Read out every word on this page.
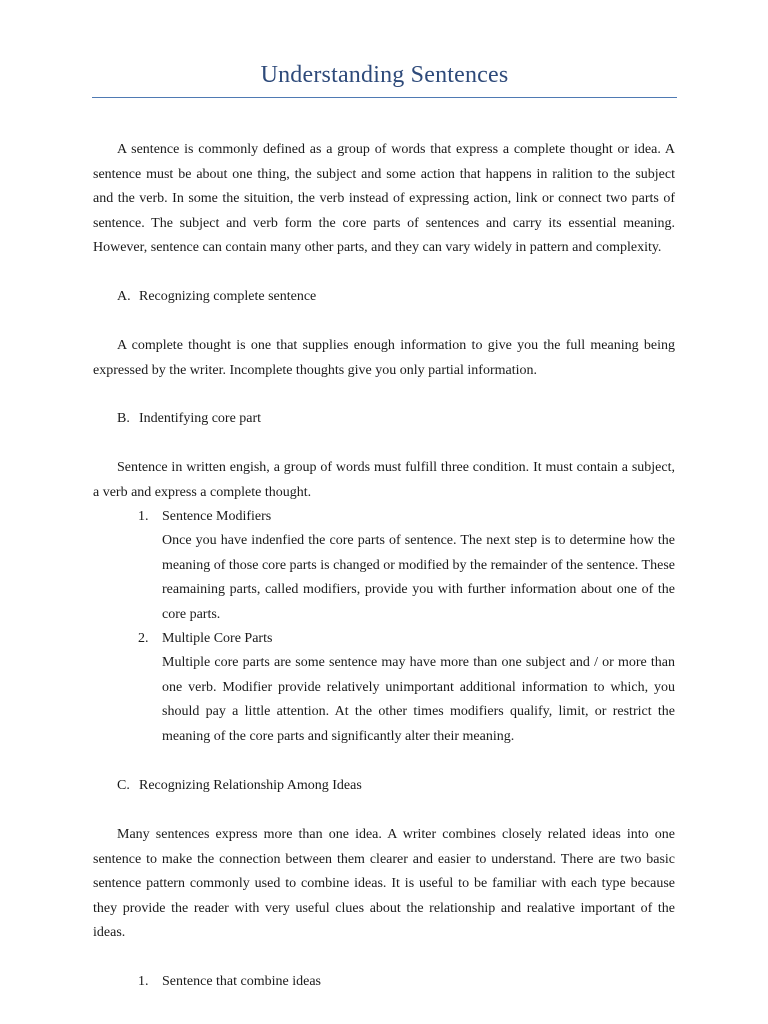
Understanding Sentences
A sentence is commonly defined as a group of words that express a complete thought or idea. A sentence must be about one thing, the subject and some action that happens in ralition to the subject and the verb. In some the situition, the verb instead of expressing action, link or connect two parts of sentence. The subject and verb form the core parts of sentences and carry its essential meaning. However, sentence can contain many other parts, and they can vary widely in pattern and complexity.
A. Recognizing complete sentence
A complete thought is one that supplies enough information to give you the full meaning being expressed by the writer. Incomplete thoughts give you only partial information.
B. Indentifying core part
Sentence in written engish, a group of words must fulfill three condition. It must contain a subject, a verb and express a complete thought.
1. Sentence Modifiers
Once you have indenfied the core parts of sentence. The next step is to determine how the meaning of those core parts is changed or modified by the remainder of the sentence. These reamaining parts, called modifiers, provide you with further information about one of the core parts.
2. Multiple Core Parts
Multiple core parts are some sentence may have more than one subject and / or more than one verb. Modifier provide relatively unimportant additional information to which, you should pay a little attention. At the other times modifiers qualify, limit, or restrict the meaning of the core parts and significantly alter their meaning.
C. Recognizing Relationship Among Ideas
Many sentences express more than one idea. A writer combines closely related ideas into one sentence to make the connection between them clearer and easier to understand. There are two basic sentence pattern commonly used to combine ideas. It is useful to be familiar with each type because they provide the reader with very useful clues about the relationship and realative important of the ideas.
1. Sentence that combine ideas
